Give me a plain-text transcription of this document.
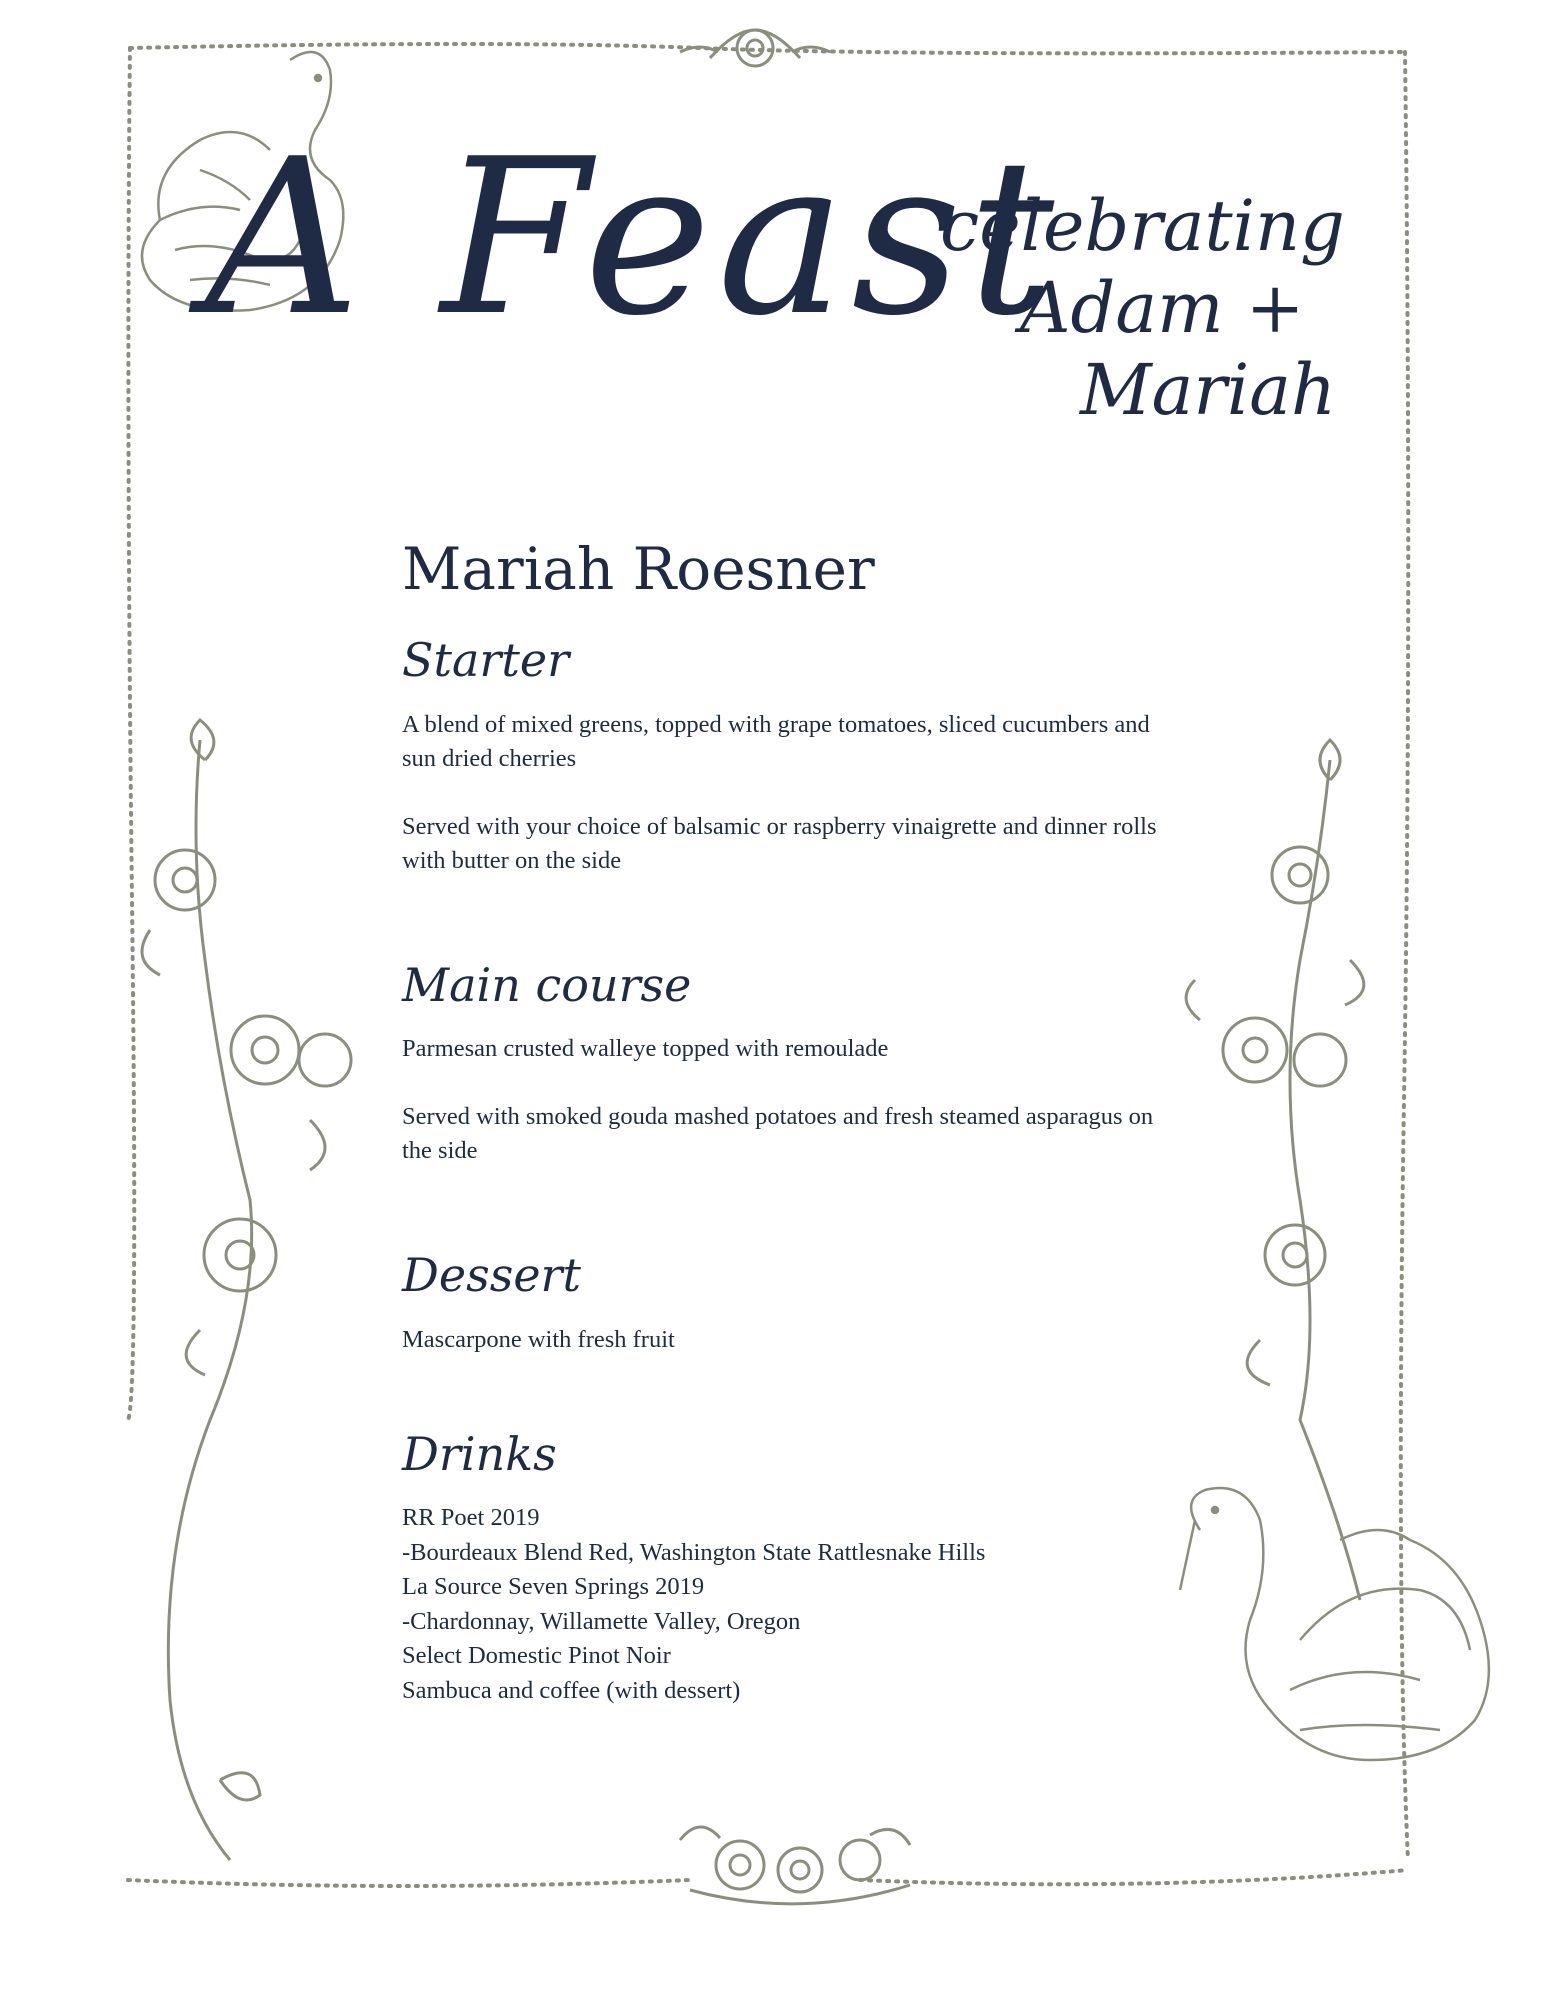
A Feast
celebrating
Adam +
Mariah
Mariah Roesner
Starter

A blend of mixed greens, topped with grape tomatoes, sliced cucumbers and sun dried cherries

Served with your choice of balsamic or raspberry vinaigrette and dinner rolls with butter on the side

Main course

Parmesan crusted walleye topped with remoulade

Served with smoked gouda mashed potatoes and fresh steamed asparagus on the side

Dessert

Mascarpone with fresh fruit

Drinks
RR Poet 2019
-Bourdeaux Blend Red, Washington State Rattlesnake Hills
La Source Seven Springs 2019
-Chardonnay, Willamette Valley, Oregon
Select Domestic Pinot Noir
Sambuca and coffee (with dessert)
